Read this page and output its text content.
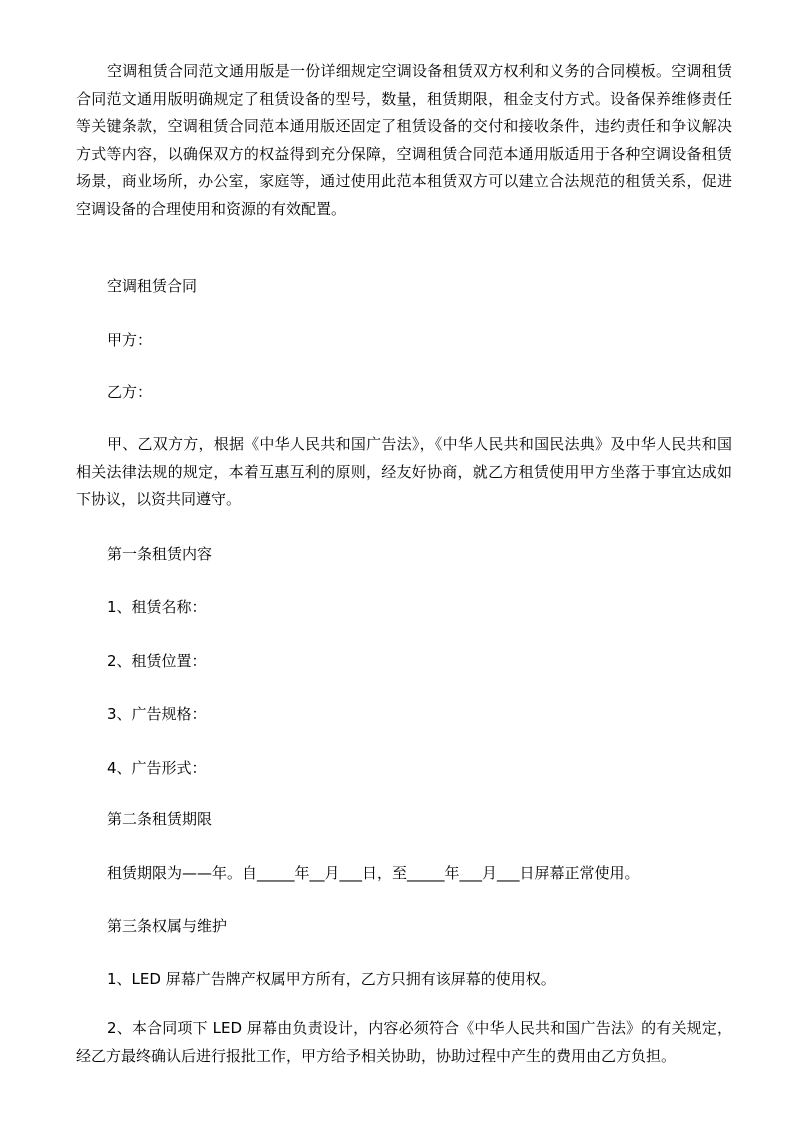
空调租赁合同范文通用版是一份详细规定空调设备租赁双方权利和义务的合同模板。空调租赁合同范文通用版明确规定了租赁设备的型号，数量，租赁期限，租金支付方式。设备保养维修责任等关键条款，空调租赁合同范本通用版还固定了租赁设备的交付和接收条件，违约责任和争议解决方式等内容，以确保双方的权益得到充分保障，空调租赁合同范本通用版适用于各种空调设备租赁场景，商业场所，办公室，家庭等，通过使用此范本租赁双方可以建立合法规范的租赁关系，促进空调设备的合理使用和资源的有效配置。

空调租赁合同

甲方：

乙方：

甲、乙双方方，根据《中华人民共和国广告法》，《中华人民共和国民法典》及中华人民共和国相关法律法规的规定，本着互惠互利的原则，经友好协商，就乙方租赁使用甲方坐落于事宜达成如下协议，以资共同遵守。

第一条租赁内容

1、租赁名称：

2、租赁位置：

3、广告规格：

4、广告形式：

第二条租赁期限

租赁期限为——年。自_____年__月___日，至_____年___月___日屏幕正常使用。

第三条权属与维护

1、LED 屏幕广告牌产权属甲方所有，乙方只拥有该屏幕的使用权。

2、本合同项下 LED 屏幕由负责设计，内容必须符合《中华人民共和国广告法》的有关规定，经乙方最终确认后进行报批工作，甲方给予相关协助，协助过程中产生的费用由乙方负担。
